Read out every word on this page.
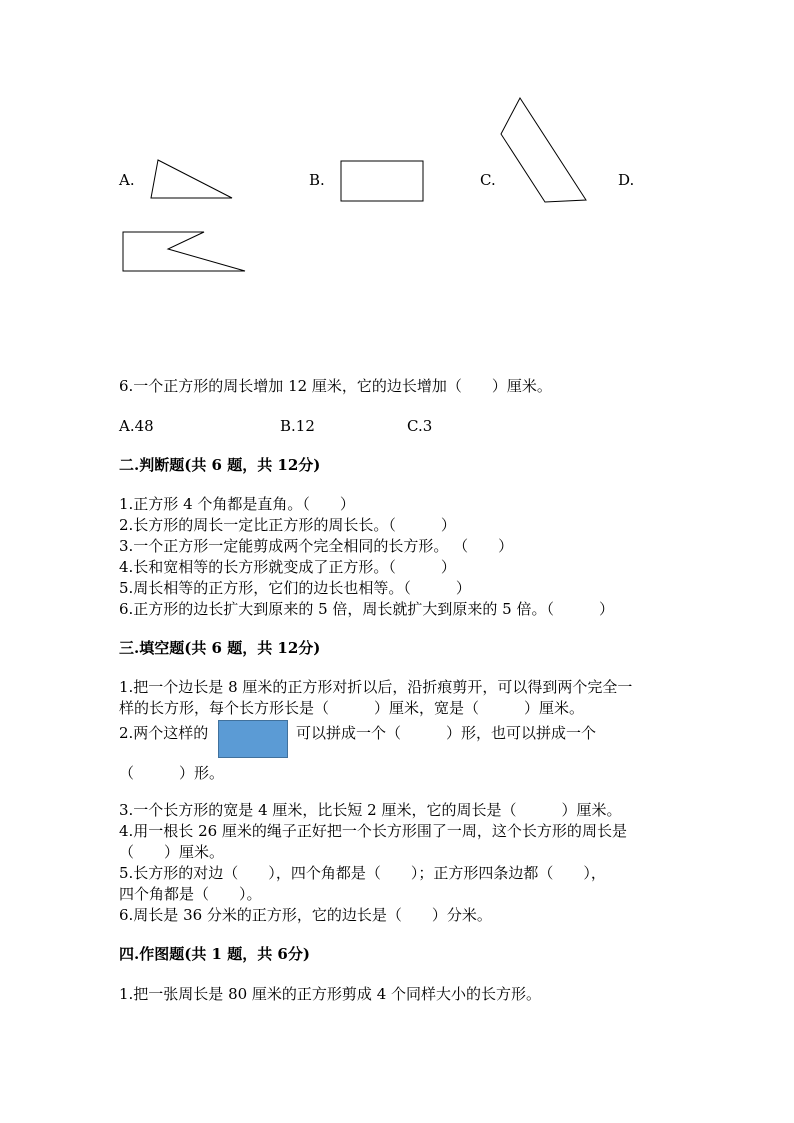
A.	B.	C.	D.
6.一个正方形的周长增加 12 厘米，它的边长增加（　　）厘米。
A.48	B.12	C.3
二.判断题(共 6 题，共 12分)
1.正方形 4 个角都是直角。（　　）
2.长方形的周长一定比正方形的周长长。（　　　）
3.一个正方形一定能剪成两个完全相同的长方形。 （　　）
4.长和宽相等的长方形就变成了正方形。（　　　）
5.周长相等的正方形，它们的边长也相等。（　　　）
6.正方形的边长扩大到原来的 5 倍，周长就扩大到原来的 5 倍。（　　　）
三.填空题(共 6 题，共 12分)
1.把一个边长是 8 厘米的正方形对折以后，沿折痕剪开，可以得到两个完全一
样的长方形，每个长方形长是（　　　）厘米，宽是（　　　）厘米。
2.两个这样的	可以拼成一个（　　　）形，也可以拼成一个
（　　　）形。
3.一个长方形的宽是 4 厘米，比长短 2 厘米，它的周长是（　　　）厘米。
4.用一根长 26 厘米的绳子正好把一个长方形围了一周，这个长方形的周长是
（　　）厘米。
5.长方形的对边（　　），四个角都是（　　）；正方形四条边都（　　），
四个角都是（　　）。
6.周长是 36 分米的正方形，它的边长是（　　）分米。
四.作图题(共 1 题，共 6分)
1.把一张周长是 80 厘米的正方形剪成 4 个同样大小的长方形。
